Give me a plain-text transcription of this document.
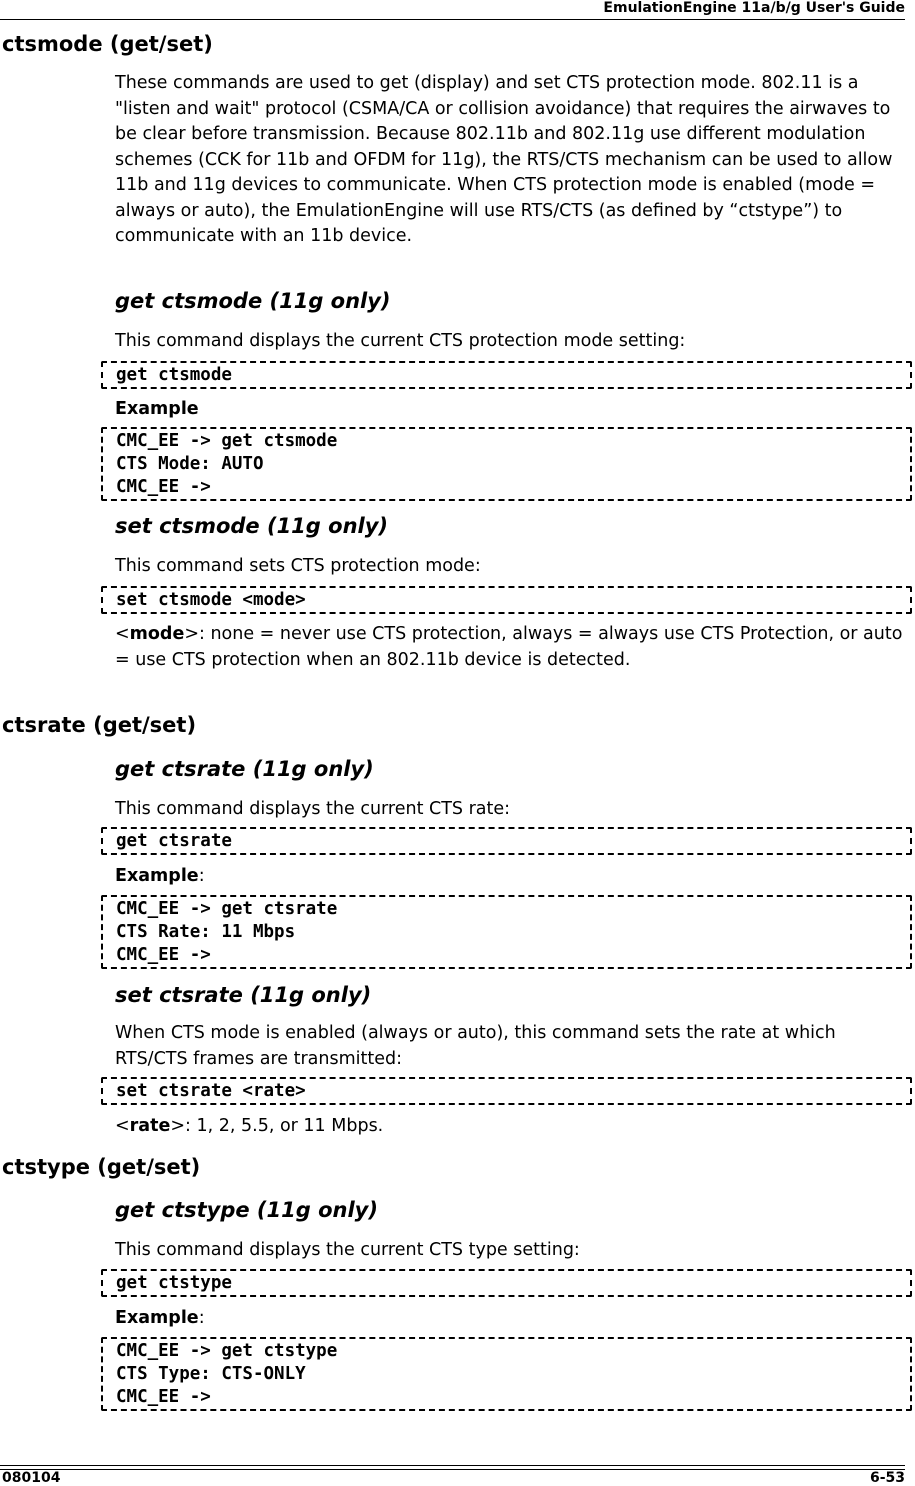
EmulationEngine 11a/b/g User's Guide
ctsmode (get/set)
These commands are used to get (display) and set CTS protection mode. 802.11 is a "listen and wait" protocol (CSMA/CA or collision avoidance) that requires the airwaves to be clear before transmission. Because 802.11b and 802.11g use different modulation schemes (CCK for 11b and OFDM for 11g), the RTS/CTS mechanism can be used to allow 11b and 11g devices to communicate. When CTS protection mode is enabled (mode = always or auto), the EmulationEngine will use RTS/CTS (as defined by “ctstype”) to communicate with an 11b device.
get ctsmode (11g only)
This command displays the current CTS protection mode setting:
get ctsmode
Example
CMC_EE -> get ctsmode
CTS Mode: AUTO
CMC_EE ->
set ctsmode (11g only)
This command sets CTS protection mode:
set ctsmode <mode>
<mode>: none = never use CTS protection, always = always use CTS Protection, or auto = use CTS protection when an 802.11b device is detected.
ctsrate (get/set)
get ctsrate (11g only)
This command displays the current CTS rate:
get ctsrate
Example:
CMC_EE -> get ctsrate
CTS Rate: 11 Mbps
CMC_EE ->
set ctsrate (11g only)
When CTS mode is enabled (always or auto), this command sets the rate at which RTS/CTS frames are transmitted:
set ctsrate <rate>
<rate>: 1, 2, 5.5, or 11 Mbps.
ctstype (get/set)
get ctstype (11g only)
This command displays the current CTS type setting:
get ctstype
Example:
CMC_EE -> get ctstype
CTS Type: CTS-ONLY
CMC_EE ->
080104	6-53
